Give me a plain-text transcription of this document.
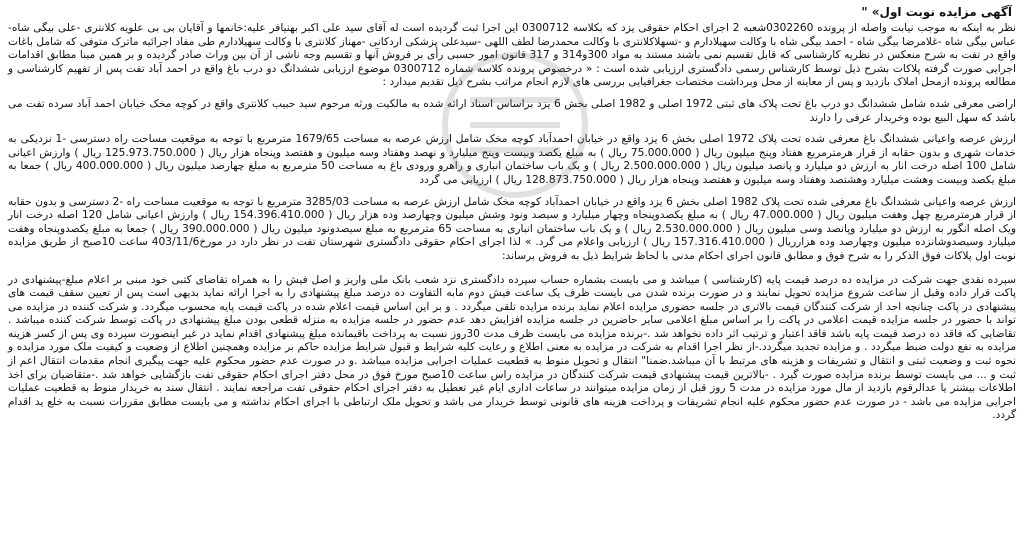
آگهی مزایده نوبت اول» "

نظر به اینکه به موجب نیابت واصله از پرونده 0302260شعبه 2 اجرای احکام حقوقی یزد که بکلاسه 0300712 این اجرا ثبت گردیده است له آقای سید علی اکبر بهنیافر علیه:خانمها و آقایان بی بی علویه کلانتری -علی بیگی شاه-عباس بیگی شاه -غلامرضا بیگی شاه - احمد بیگی شاه با وکالت سهیلادارم و -تسهلاکلانتری با وکالت محمدرضا لطف اللهی -سیدعلی پزشکی اردکانی -مهناز کلانتری با وکالت سهیلادارم طی مفاد اجرائیه ماترک متوفی که شامل باغات واقع در تفت به شرح منعکس در نظریه کارشناسی که قابل تقسیم نمی باشند مستند به مواد 300و314 و 317 قانون امور حسبی رأی بر فروش آنها و تقسیم وجه ناشی از آن بین وراث صادر گردیده و بر همین مبنا مطابق اقدامات اجرایی صورت گرفته پلاکات بشرح ذیل توسط کارشناس رسمی دادگستری ارزیابی شده است : « درخصوص پرونده کلاسه شماره 0300712 موضوع ارزیابی ششدانگ دو درب باغ واقع در احمد آباد تفت پس از تفهیم کارشناسی و مطالعه پرونده ازمحل املاک بازدید و پس از معاینه از محل وبرداشت مختصات جغرافیایی بررسی های لازم انجام مراتب بشرح ذیل تقدیم میدارد :

اراضی معرفی شده شامل ششدانگ دو درب باغ تحت پلاک های ثبتی 1972 اصلی و 1982 اصلی بخش 6 یزد براساس اسناد ارائه شده به مالکیت ورثه مرحوم سید حبیب کلانتری واقع در کوچه مخک خیابان احمد آباد سرده تفت می باشد که سهل البیع بوده وخریدار عرفی را دارند

ارزش عرصه واعیانی ششدانگ باغ معرفی شده تحت پلاک 1972 اصلی بخش 6 یزد واقع در خیابان احمدآباد کوچه مخک شامل ارزش عرصه به مساحت 1679/65 مترمربع با توجه به موقعیت مساحت راه دسترسی -1 نزدیکی به خدمات شهری و بدون حقابه از قرار هرمترمربع هفتاد وپنج میلیون ریال ( 75.000.000 ریال ) به مبلغ یکصد وبیست وپنج میلیارد و نهصد وهفتاد وسه میلیون و هفتصد وپنجاه هزار ریال ( 125.973.750.000 ریال ) وارزش اعیانی شامل 100 اصله درخت انار به ارزش دو میلیارد و پانصد میلیون ریال ( 2.500.000.000 ریال ) و یک باب ساختمان انباری و راهرو ورودی باغ به مساحت 50 مترمربع به مبلغ چهارصد میلیون ریال ( 400.000.000 ریال ) جمعا به مبلغ یکصد وبیست وهشت میلیارد وهشتصد وهفتاد وسه میلیون و هفتصد وپنجاه هزار ریال ( 128.873.750.000 ریال ) ارزیابی می گردد

ارزش عرصه واعیانی ششدانگ باغ معرفی شده تحت پلاک 1982 اصلی بخش 6 یزد واقع در خیابان احمدآباد کوچه مخک شامل ارزش عرصه به مساحت 3285/03 مترمربع با توجه به موقعیت مساحت راه -2 دسترسی و بدون حقابه از قرار هرمترمربع چهل وهفت میلیون ریال ( 47.000.000 ریال ) به مبلغ یکصدوپنجاه وچهار میلیارد و سیصد ونود وشش میلیون وچهارصد وده هزار ریال ( 154.396.410.000 ریال ) وارزش اعیانی شامل 120 اصله درخت انار ویک اصله انگور به ارزش دو میلیارد وپانصد وسی میلیون ریال ( 2.530.000.000 ریال ) و یک باب ساختمان انباری به مساحت 65 مترمربع به مبلغ سیصدونود میلیون ریال ( 390.000.000 ریال ) جمعا به مبلغ یکصدوپنجاه وهفت میلیارد وسیصدوشانزده میلیون وچهارصد وده هزارریال ( 157.316.410.000 ریال ) ارزیابی واعلام می گرد. » لذا اجرای احکام حقوقی دادگستری شهرستان تفت در نظر دارد در مورخ403/11/6 ساعت 10صبح از طریق مزایده نوبت اول پلاکات فوق الذکر را به شرح فوق و مطابق قانون اجرای احکام مدنی با لحاظ شرایط ذیل به فروش برساند:

سپرده نقدی جهت شرکت در مزایده ده درصد قیمت پایه (کارشناسی ) میباشد و می بایست بشماره حساب سپرده دادگستری نزد شعب بانک ملی واریز و اصل فیش را به همراه تقاضای کتبی خود مبنی بر اعلام مبلغ-پیشنهادی در پاکت قرار داده وقبل از ساعت شروع مزایده تحویل نمایند و در صورت برنده شدن می بایست ظرف یک ساعت فیش دوم مابه التفاوت ده درصد مبلغ پیشنهادی را به اجرا ارائه نماید بدیهی است پس از تعیین سقف قیمت های پیشنهادی در پاکت چنانچه احد از شرکت کنندگان قیمت بالاتری در جلسه حضوری مزایده اعلام نماید برنده مزایده تلقی میگردد . و بر این اساس قیمت اعلام شده در پاکت قیمت پایه محسوب میگردد. و شرکت کننده در مزایده می تواند با حضور در جلسه مزایده قیمت اعلامی در پاکت را بر اساس مبلغ اعلامی سایر حاضرین در جلسه مزایده افزایش دهد عدم حضور در جلسه مزایده به منزله قطعی بودن مبلغ پیشنهادی در پاکت توسط شرکت کننده میباشد . تقاضایی که فاقد ده درصد قیمت پایه باشد فاقد اعتبار و ترتیب اثر داده نخواهد شد .-برنده مزایده می بایست ظرف مدت 30روز نسبت به پرداخت باقیمانده مبلغ پیشنهادی اقدام نماید در غیر اینصورت سپرده وی پس از کسر هزینه مزایده به نفع دولت ضبط میگردد . و مزایده تجدید میگردد.-از نظر اجرا اقدام به شرکت در مزایده به معنی اطلاع و رعایت کلیه شرایط و قبول شرایط مزایده حاکم بر مزایده وهمچنین اطلاع از وضعیت و کیفیت ملک مورد مزایده و نحوه ثبت و وضعیت ثبتی و انتقال و تشریفات و هزینه های مرتبط با آن میباشد.ضمنا" انتقال و تحویل منوط به قطعیت عملیات اجرایی مزایده میباشد .و در صورت عدم حضور محکوم علیه جهت پیگیری انجام مقدمات انتقال اعم از ثبت و ... می بایست توسط برنده مزایده صورت گیرد . -بالاترین قیمت پیشنهادی قیمت شرکت کنندگان در مزایده راس ساعت 10صبح مورخ فوق در محل دفتر اجرای احکام حقوقی تفت بازگشایی خواهد شد .-متقاضیان برای اخذ اطلاعات بیشتر یا عدالرقوم بازدید از مال مورد مزایده در مدت 5 روز قبل از زمان مزایده میتوانند در ساعات اداری ایام غیر تعطیل به دفتر اجرای احکام حقوقی تفت مراجعه نمایند . انتقال سند به خریدار منوط به قطعیت عملیات اجرایی مزایده می باشد - در صورت عدم حضور محکوم علیه انجام تشریفات و پرداخت هزینه های قانونی توسط خریدار می باشد و تحویل ملک ارتباطی با اجرای احکام نداشته و می بایست مطابق مقررات نسبت به خلع ید اقدام گردد.
